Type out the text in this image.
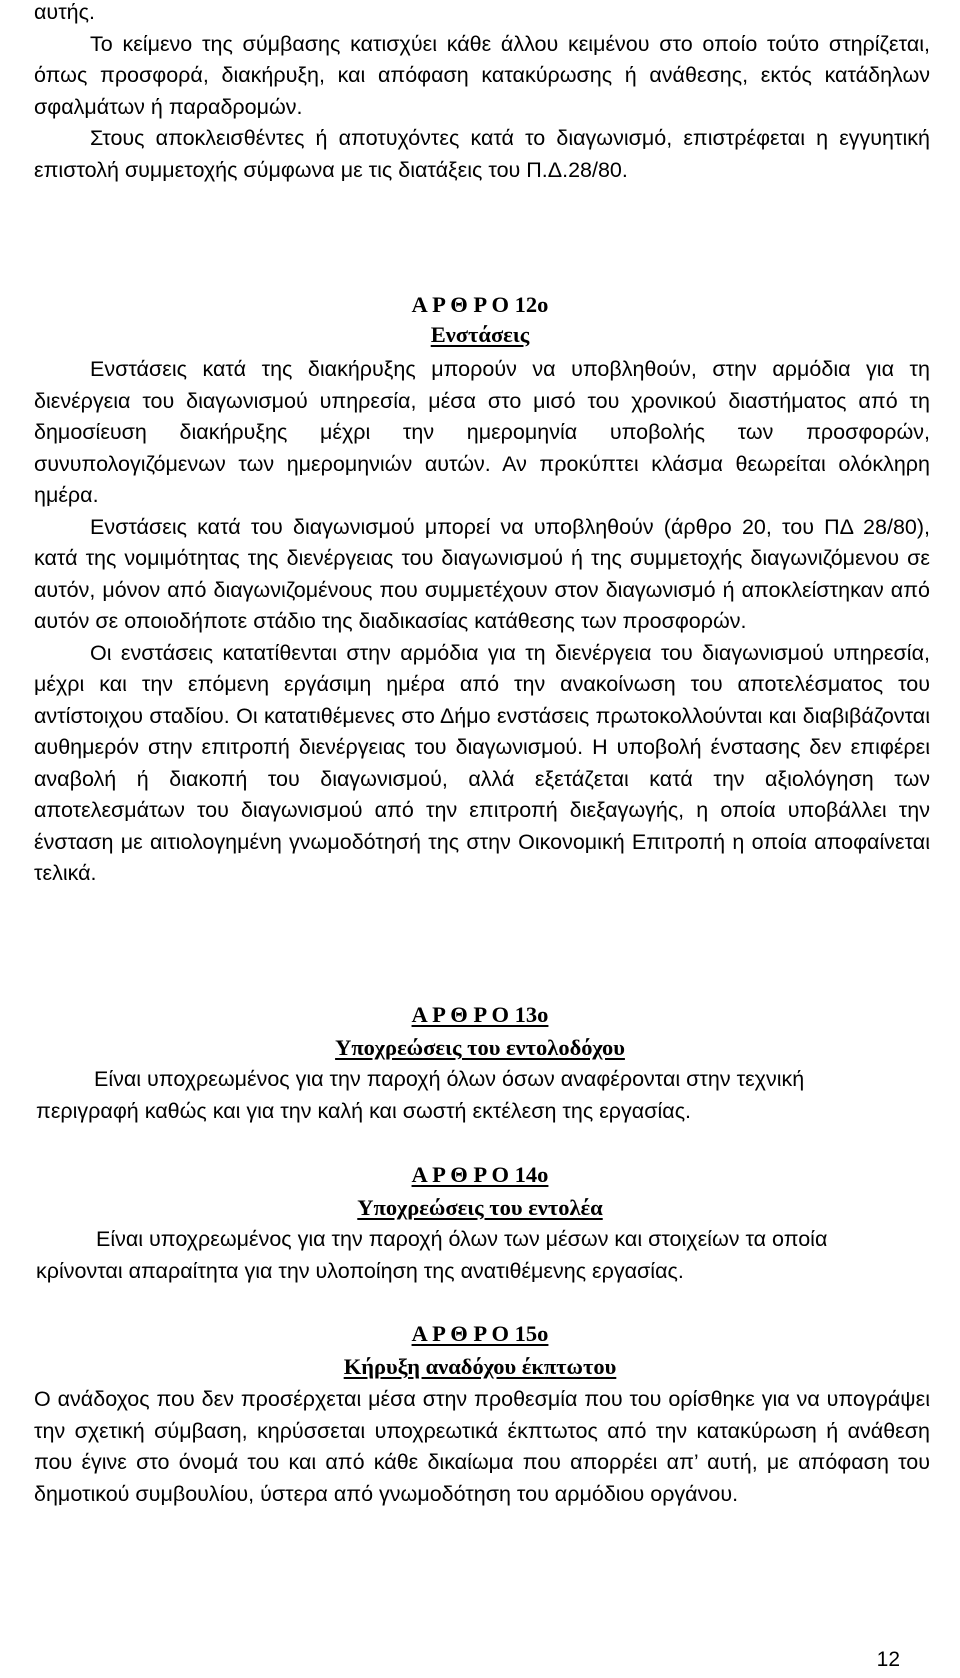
αυτής.

Το κείμενο της σύμβασης κατισχύει κάθε άλλου κειμένου στο οποίο τούτο στηρίζεται, όπως προσφορά, διακήρυξη, και απόφαση κατακύρωσης ή ανάθεσης, εκτός κατάδηλων σφαλμάτων ή παραδρομών.

Στους αποκλεισθέντες ή αποτυχόντες κατά το διαγωνισμό, επιστρέφεται η εγγυητική επιστολή συμμετοχής σύμφωνα με τις διατάξεις του Π.Δ.28/80.

Α Ρ Θ Ρ Ο 12ο
Ενστάσεις

Ενστάσεις κατά της διακήρυξης μπορούν να υποβληθούν, στην αρμόδια για τη διενέργεια του διαγωνισμού υπηρεσία, μέσα στο μισό του χρονικού διαστήματος από τη δημοσίευση διακήρυξης μέχρι την ημερομηνία υποβολής των προσφορών, συνυπολογιζόμενων των ημερομηνιών αυτών. Αν προκύπτει κλάσμα θεωρείται ολόκληρη ημέρα.

Ενστάσεις κατά του διαγωνισμού μπορεί να υποβληθούν (άρθρο 20, του ΠΔ 28/80), κατά της νομιμότητας της διενέργειας του διαγωνισμού ή της συμμετοχής διαγωνιζόμενου σε αυτόν, μόνον από διαγωνιζομένους που συμμετέχουν στον διαγωνισμό ή αποκλείστηκαν από αυτόν σε οποιοδήποτε στάδιο της διαδικασίας κατάθεσης των προσφορών.

Οι ενστάσεις κατατίθενται στην αρμόδια για τη διενέργεια του διαγωνισμού υπηρεσία, μέχρι και την επόμενη εργάσιμη ημέρα από την ανακοίνωση του αποτελέσματος του αντίστοιχου σταδίου. Οι κατατιθέμενες στο Δήμο ενστάσεις πρωτοκολλούνται και διαβιβάζονται αυθημερόν στην επιτροπή διενέργειας του διαγωνισμού. Η υποβολή ένστασης δεν επιφέρει αναβολή ή διακοπή του διαγωνισμού, αλλά εξετάζεται κατά την αξιολόγηση των αποτελεσμάτων του διαγωνισμού από την επιτροπή διεξαγωγής, η οποία υποβάλλει την ένσταση με αιτιολογημένη γνωμοδότησή της στην Οικονομική Επιτροπή η οποία αποφαίνεται τελικά.

Α Ρ Θ Ρ Ο 13ο
Υποχρεώσεις του εντολοδόχου

Είναι υποχρεωμένος για την παροχή όλων όσων αναφέρονται στην τεχνική

περιγραφή καθώς και για την καλή και σωστή εκτέλεση της εργασίας.

Α Ρ Θ Ρ Ο 14ο
Υποχρεώσεις του εντολέα

Είναι υποχρεωμένος για την παροχή όλων των μέσων και στοιχείων τα οποία

κρίνονται απαραίτητα για την υλοποίηση της ανατιθέμενης εργασίας.

Α Ρ Θ Ρ Ο 15ο
Κήρυξη αναδόχου έκπτωτου

Ο ανάδοχος που δεν προσέρχεται μέσα στην προθεσμία που του ορίσθηκε για να υπογράψει την σχετική σύμβαση, κηρύσσεται υποχρεωτικά έκπτωτος από την κατακύρωση ή ανάθεση που έγινε στο όνομά του και από κάθε δικαίωμα που απορρέει απ’ αυτή, με απόφαση του δημοτικού συμβουλίου, ύστερα από γνωμοδότηση του αρμόδιου οργάνου.

12
